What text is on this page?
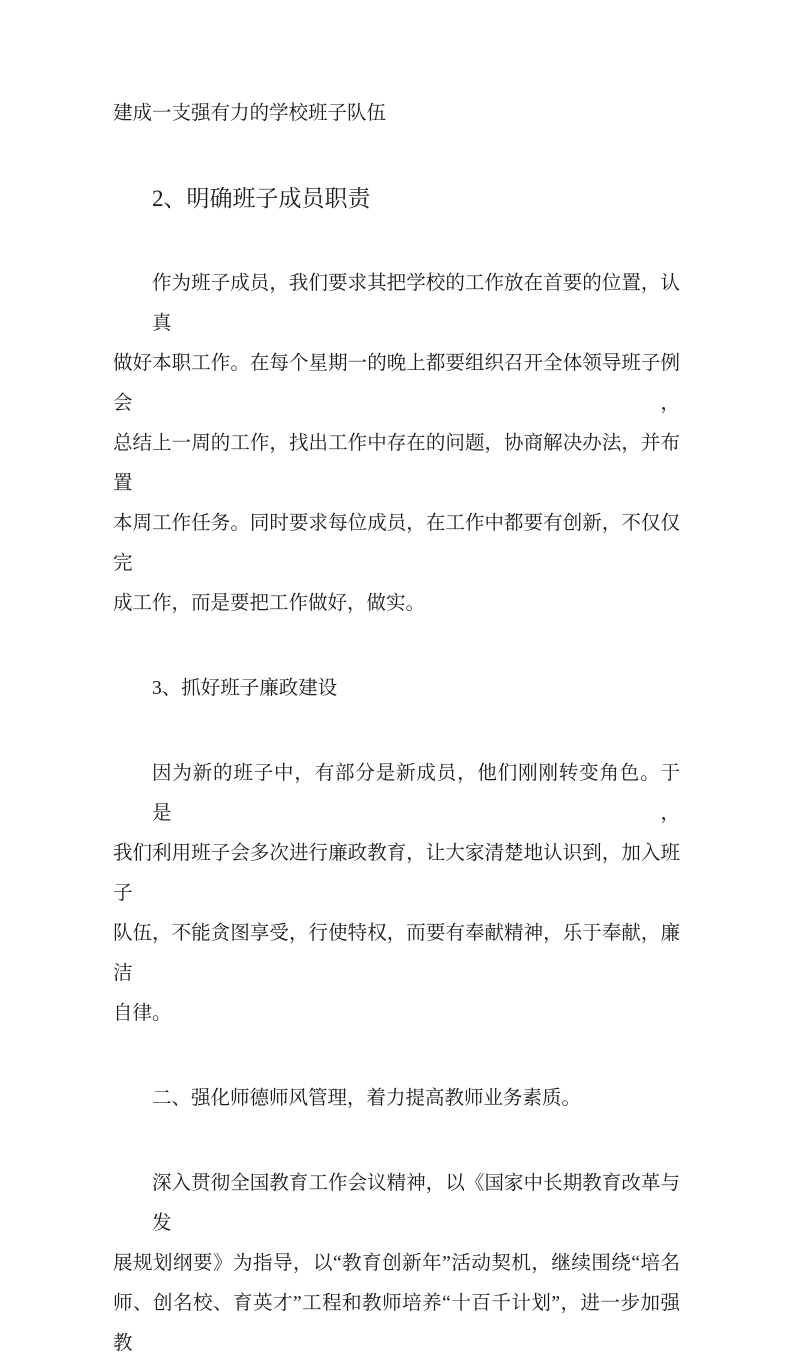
建成一支强有力的学校班子队伍
2、明确班子成员职责
作为班子成员，我们要求其把学校的工作放在首要的位置，认真
做好本职工作。在每个星期一的晚上都要组织召开全体领导班子例会，
总结上一周的工作，找出工作中存在的问题，协商解决办法，并布置
本周工作任务。同时要求每位成员，在工作中都要有创新，不仅仅完
成工作，而是要把工作做好，做实。
3、抓好班子廉政建设
因为新的班子中，有部分是新成员，他们刚刚转变角色。于是，
我们利用班子会多次进行廉政教育，让大家清楚地认识到，加入班子
队伍，不能贪图享受，行使特权，而要有奉献精神，乐于奉献，廉洁
自律。
二、强化师德师风管理，着力提高教师业务素质。
深入贯彻全国教育工作会议精神，以《国家中长期教育改革与发
展规划纲要》为指导，以“教育创新年”活动契机，继续围绕“培名
师、创名校、育英才”工程和教师培养“十百千计划”，进一步加强教
